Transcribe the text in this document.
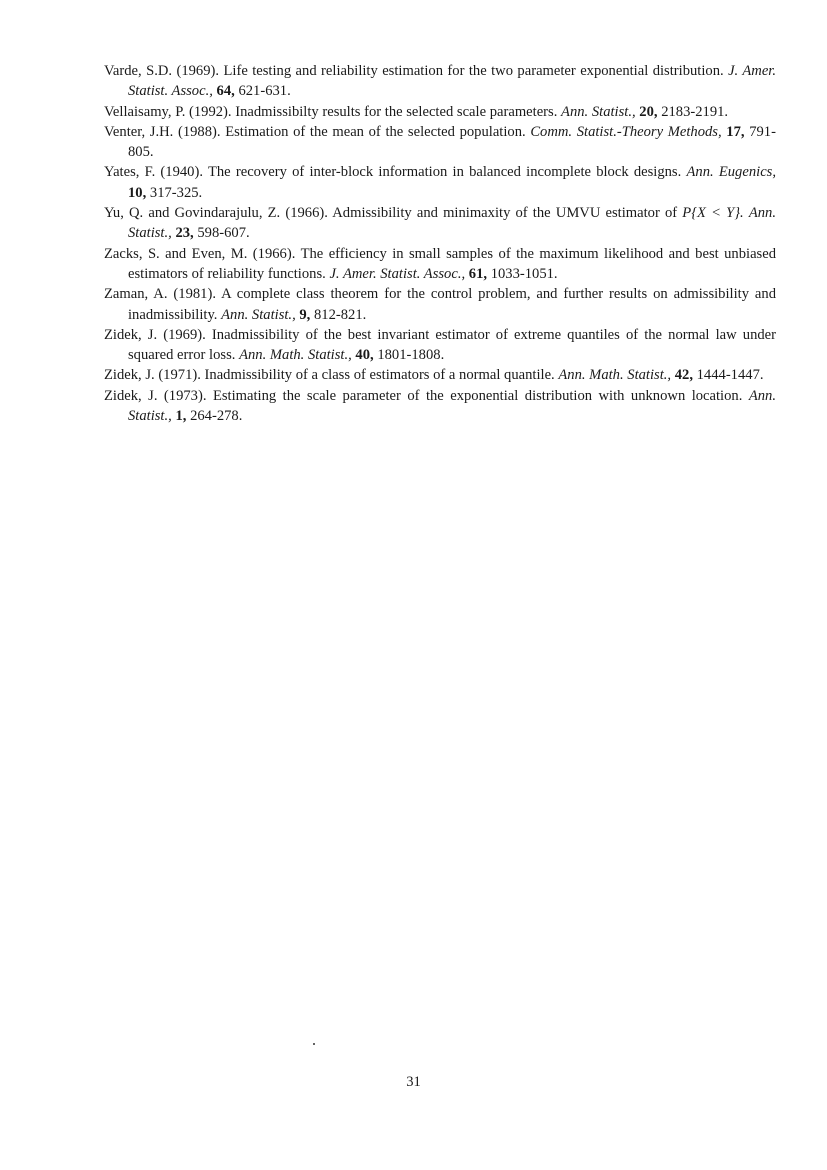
Varde, S.D. (1969). Life testing and reliability estimation for the two parameter exponential distribution. J. Amer. Statist. Assoc., 64, 621-631.

Vellaisamy, P. (1992). Inadmissibilty results for the selected scale parameters. Ann. Statist., 20, 2183-2191.

Venter, J.H. (1988). Estimation of the mean of the selected population. Comm. Statist.-Theory Methods, 17, 791-805.

Yates, F. (1940). The recovery of inter-block information in balanced incomplete block designs. Ann. Eugenics, 10, 317-325.

Yu, Q. and Govindarajulu, Z. (1966). Admissibility and minimaxity of the UMVU estimator of P{X < Y}. Ann. Statist., 23, 598-607.

Zacks, S. and Even, M. (1966). The efficiency in small samples of the maximum likelihood and best unbiased estimators of reliability functions. J. Amer. Statist. Assoc., 61, 1033-1051.

Zaman, A. (1981). A complete class theorem for the control problem, and further results on admissibility and inadmissibility. Ann. Statist., 9, 812-821.

Zidek, J. (1969). Inadmissibility of the best invariant estimator of extreme quantiles of the normal law under squared error loss. Ann. Math. Statist., 40, 1801-1808.

Zidek, J. (1971). Inadmissibility of a class of estimators of a normal quantile. Ann. Math. Statist., 42, 1444-1447.

Zidek, J. (1973). Estimating the scale parameter of the exponential distribution with unknown location. Ann. Statist., 1, 264-278.

31
